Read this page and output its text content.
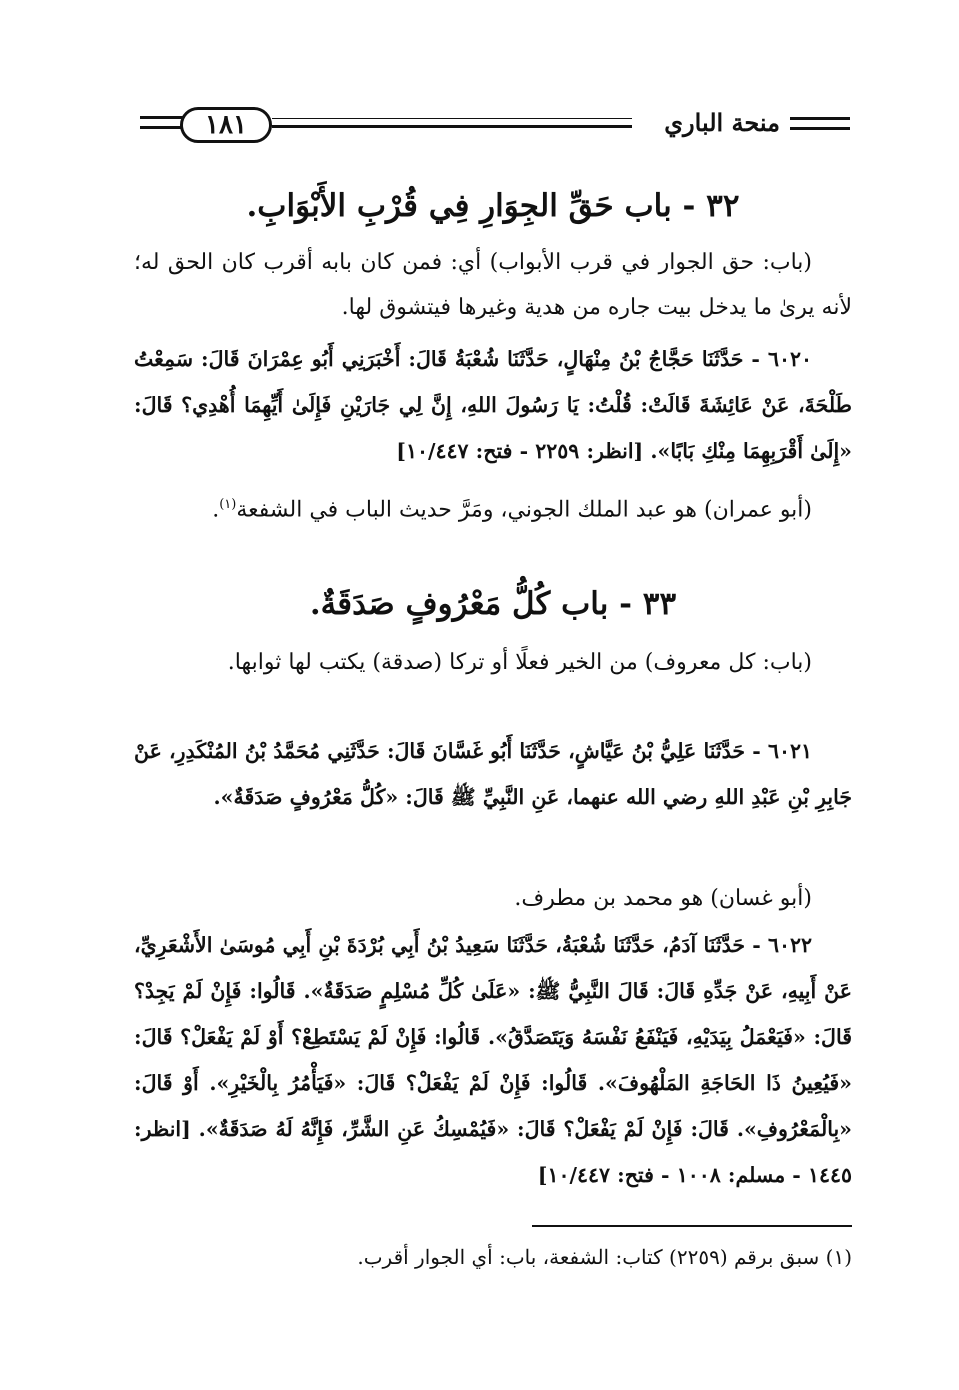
١٨١	منحة الباري
٣٢ - باب حَقِّ الجِوَارِ فِي قُرْبِ الأَبْوَابِ.

(باب: حق الجوار في قرب الأبواب) أي: فمن كان بابه أقرب كان الحق له؛ لأنه يرىٰ ما يدخل بيت جاره من هدية وغيرها فيتشوق لها.

٦٠٢٠ - حَدَّثَنَا حَجَّاجُ بْنُ مِنْهَالٍ، حَدَّثَنَا شُعْبَةُ قَالَ: أَخْبَرَنِي أَبُو عِمْرَانَ قَالَ: سَمِعْتُ طَلْحَةَ، عَنْ عَائِشَةَ قَالَتْ: قُلْتُ: يَا رَسُولَ اللهِ، إِنَّ لِي جَارَيْنِ فَإِلَىٰ أَيِّهِمَا أُهْدِي؟ قَالَ: «إِلَىٰ أَقْرَبِهِمَا مِنْكِ بَابًا». [انظر: ٢٢٥٩ - فتح: ١٠/٤٤٧]

(أبو عمران) هو عبد الملك الجوني، ومَرَّ حديث الباب في الشفعة$^{(١)}$.

٣٣ - باب كُلُّ مَعْرُوفٍ صَدَقَةٌ.

(باب: كل معروف) من الخير فعلًا أو تركا (صدقة) يكتب لها ثوابها.

٦٠٢١ - حَدَّثَنَا عَلِيُّ بْنُ عَيَّاشٍ، حَدَّثَنَا أَبُو غَسَّانَ قَالَ: حَدَّثَنِي مُحَمَّدُ بْنُ المُنْكَدِرِ، عَنْ جَابِرِ بْنِ عَبْدِ اللهِ رضي الله عنهما، عَنِ النَّبِيِّ ﷺ قَالَ: «كُلُّ مَعْرُوفٍ صَدَقَةٌ».

(أبو غسان) هو محمد بن مطرف.

٦٠٢٢ - حَدَّثَنَا آدَمُ، حَدَّثَنَا شُعْبَةُ، حَدَّثَنَا سَعِيدُ بْنُ أَبِي بُرْدَةَ بْنِ أَبِي مُوسَىٰ الأَشْعَرِيِّ، عَنْ أَبِيهِ، عَنْ جَدِّهِ قَالَ: قَالَ النَّبِيُّ ﷺ: «عَلَىٰ كُلِّ مُسْلِمٍ صَدَقَةٌ». قَالُوا: فَإِنْ لَمْ يَجِدْ؟ قَالَ: «فَيَعْمَلُ بِيَدَيْهِ، فَيَنْفَعُ نَفْسَهُ وَيَتَصَدَّقُ». قَالُوا: فَإِنْ لَمْ يَسْتَطِعْ؟ أَوْ لَمْ يَفْعَلْ؟ قَالَ: «فَيُعِينُ ذَا الحَاجَةِ المَلْهُوفَ». قَالُوا: فَإِنْ لَمْ يَفْعَلْ؟ قَالَ: «فَيَأْمُرُ بِالْخَيْرِ». أَوْ قَالَ: «بِالْمَعْرُوفِ». قَالَ: فَإِنْ لَمْ يَفْعَلْ؟ قَالَ: «فَيُمْسِكُ عَنِ الشَّرِّ، فَإِنَّهُ لَهُ صَدَقَةٌ». [انظر: ١٤٤٥ - مسلم: ١٠٠٨ - فتح: ١٠/٤٤٧]

(١) سبق برقم (٢٢٥٩) كتاب: الشفعة، باب: أي الجوار أقرب.
